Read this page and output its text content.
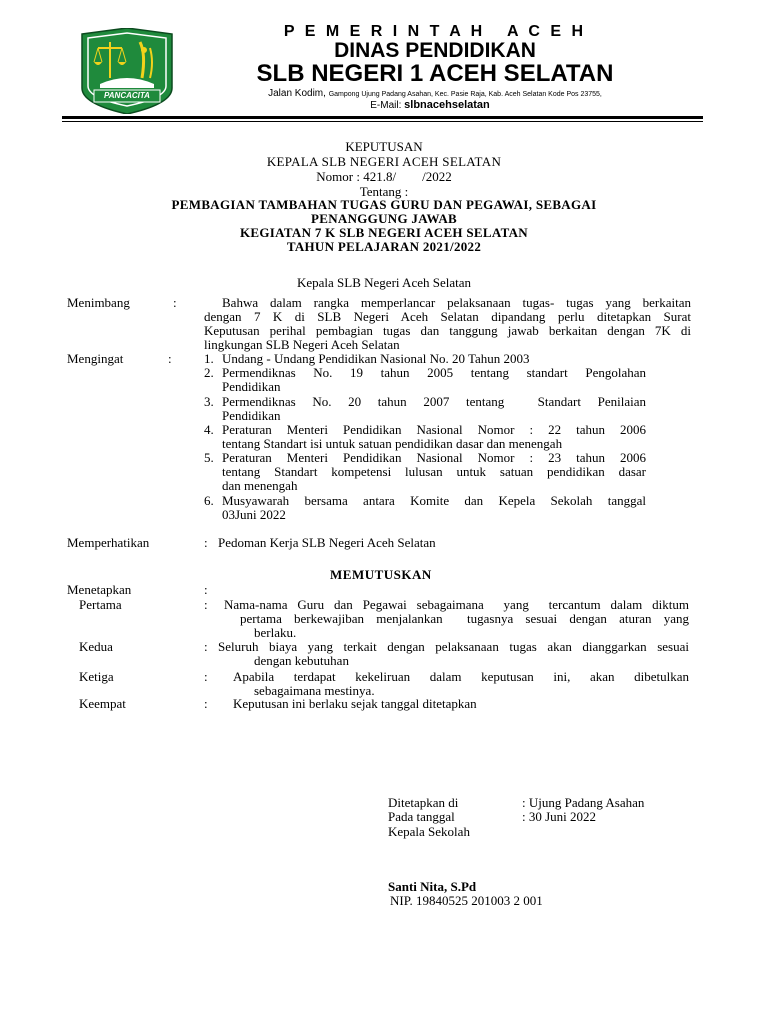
PANCACITA
P E M E R I N T A H   A C E H
DINAS PENDIDIKAN
SLB NEGERI 1 ACEH SELATAN
Jalan Kodim, Gampong Ujung Padang Asahan, Kec. Pasie Raja, Kab. Aceh Selatan Kode Pos 23755,
E-Mail: slbnacehselatan
KEPUTUSAN
KEPALA SLB NEGERI ACEH SELATAN
Nomor : 421.8/        /2022
Tentang :
PEMBAGIAN TAMBAHAN TUGAS GURU DAN PEGAWAI, SEBAGAI
PENANGGUNG JAWAB
KEGIATAN 7 K SLB NEGERI ACEH SELATAN
TAHUN PELAJARAN 2021/2022
Kepala SLB Negeri Aceh Selatan
Menimbang	:	Bahwa dalam rangka memperlancar pelaksanaan tugas- tugas yang berkaitan
dengan 7 K di SLB Negeri Aceh Selatan dipandang perlu ditetapkan Surat
Keputusan perihal pembagian tugas dan tanggung jawab berkaitan dengan 7K di
lingkungan SLB Negeri Aceh Selatan
Mengingat	: 1. Undang - Undang Pendidikan Nasional No. 20 Tahun 2003
2. Permendiknas No. 19 tahun 2005 tentang standart Pengolahan
Pendidikan
3. Permendiknas No. 20 tahun 2007 tentang  Standart Penilaian
Pendidikan
4. Peraturan Menteri Pendidikan Nasional Nomor : 22 tahun 2006
tentang Standart isi untuk satuan pendidikan dasar dan menengah
5. Peraturan Menteri Pendidikan Nasional Nomor : 23 tahun 2006
tentang Standart kompetensi lulusan untuk satuan pendidikan dasar
dan menengah
6. Musyawarah bersama antara Komite dan Kepela Sekolah tanggal
03Juni 2022
Memperhatikan	: Pedoman Kerja SLB Negeri Aceh Selatan
MEMUTUSKAN
Menetapkan	:
Pertama	: Nama-nama Guru dan Pegawai sebagaimana  yang  tercantum dalam diktum
pertama berkewajiban menjalankan  tugasnya sesuai dengan aturan yang
berlaku.
Kedua	: Seluruh biaya yang terkait dengan pelaksanaan tugas akan dianggarkan sesuai
dengan kebutuhan
Ketiga	: Apabila terdapat kekeliruan dalam keputusan ini, akan dibetulkan
sebagaimana mestinya.
Keempat	: Keputusan ini berlaku sejak tanggal ditetapkan
Ditetapkan di	: Ujung Padang Asahan
Pada tanggal	: 30 Juni 2022
Kepala Sekolah
Santi Nita, S.Pd
NIP. 19840525 201003 2 001
